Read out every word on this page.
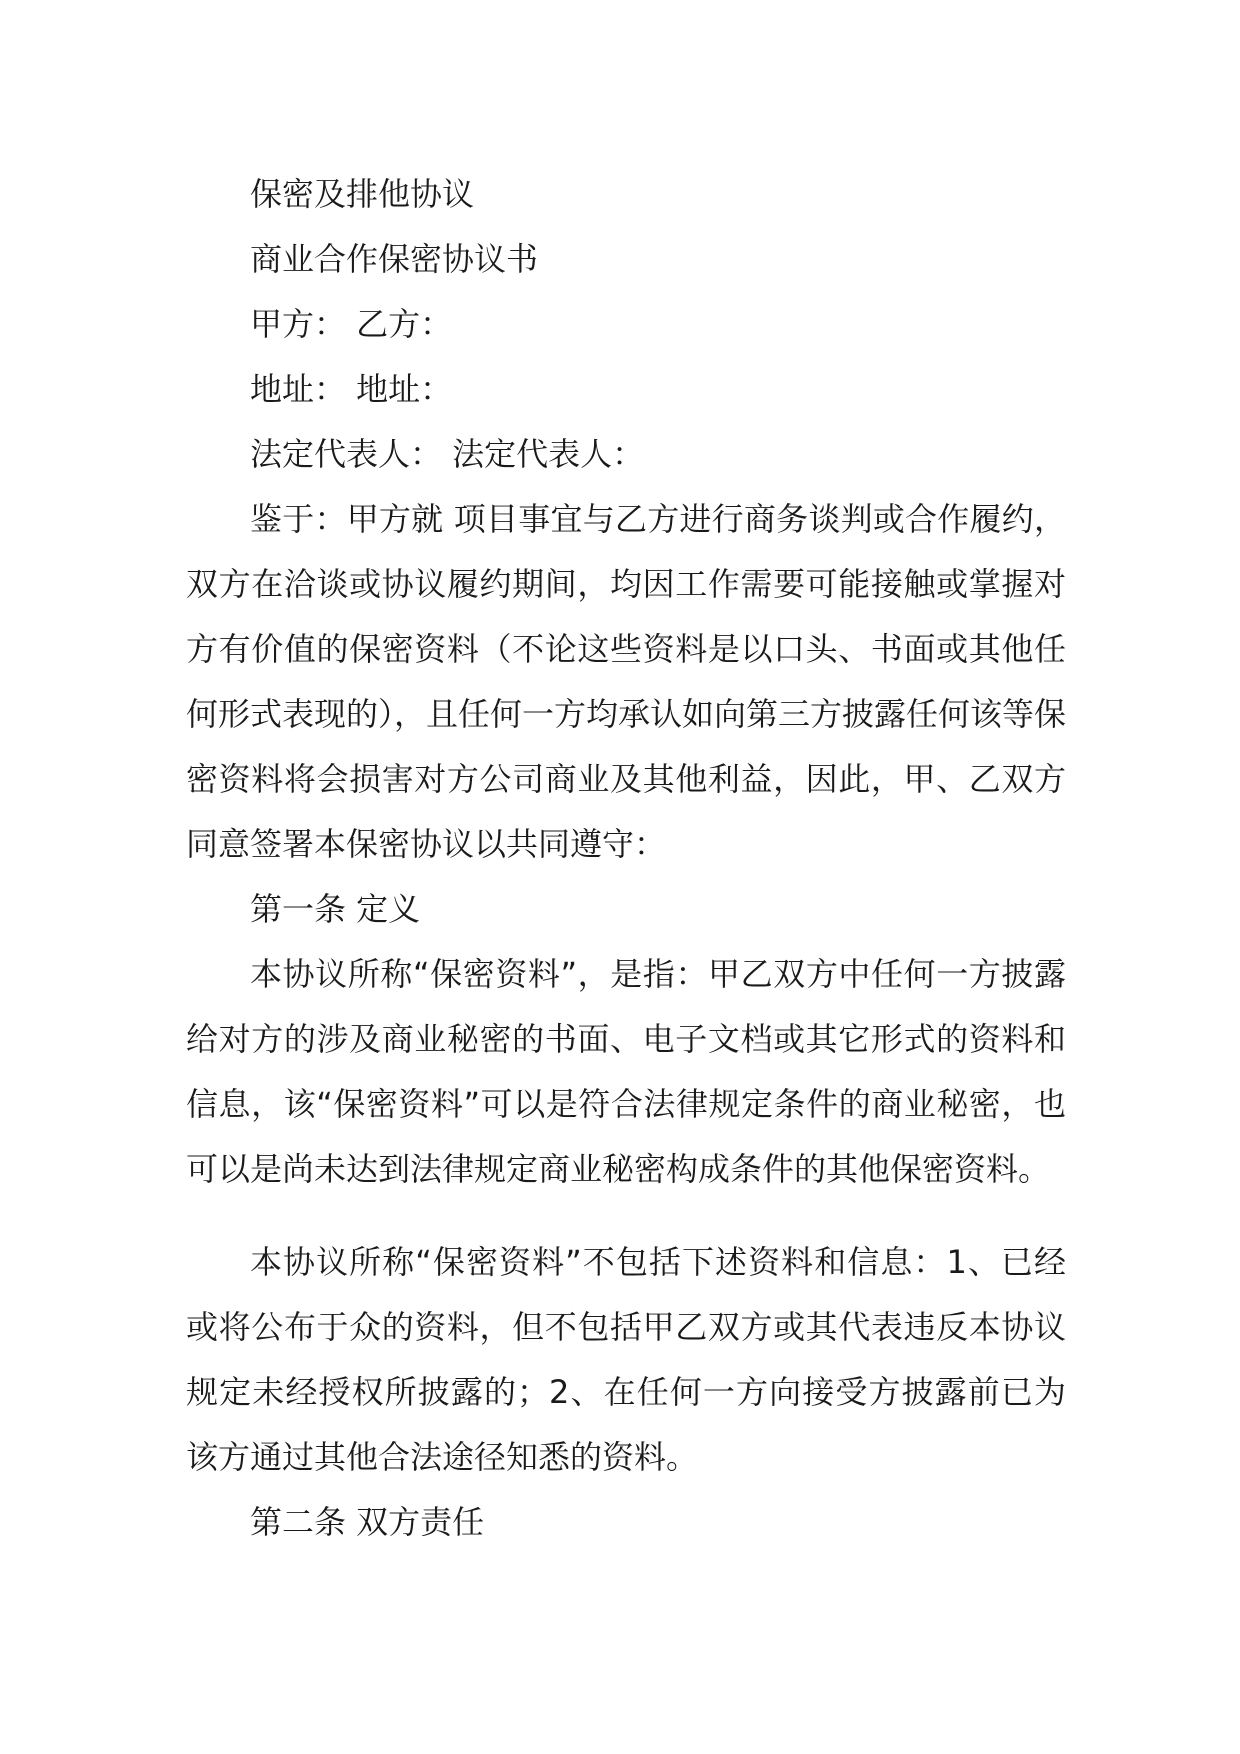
保密及排他协议

商业合作保密协议书

甲方： 乙方：

地址： 地址：

法定代表人： 法定代表人：

鉴于：甲方就 项目事宜与乙方进行商务谈判或合作履约，双方在洽谈或协议履约期间，均因工作需要可能接触或掌握对方有价值的保密资料（不论这些资料是以口头、书面或其他任何形式表现的），且任何一方均承认如向第三方披露任何该等保密资料将会损害对方公司商业及其他利益，因此，甲、乙双方同意签署本保密协议以共同遵守：

第一条 定义

本协议所称“保密资料”，是指：甲乙双方中任何一方披露给对方的涉及商业秘密的书面、电子文档或其它形式的资料和信息，该“保密资料”可以是符合法律规定条件的商业秘密，也可以是尚未达到法律规定商业秘密构成条件的其他保密资料。

本协议所称“保密资料”不包括下述资料和信息：1、已经或将公布于众的资料，但不包括甲乙双方或其代表违反本协议规定未经授权所披露的；2、在任何一方向接受方披露前已为该方通过其他合法途径知悉的资料。

第二条 双方责任
